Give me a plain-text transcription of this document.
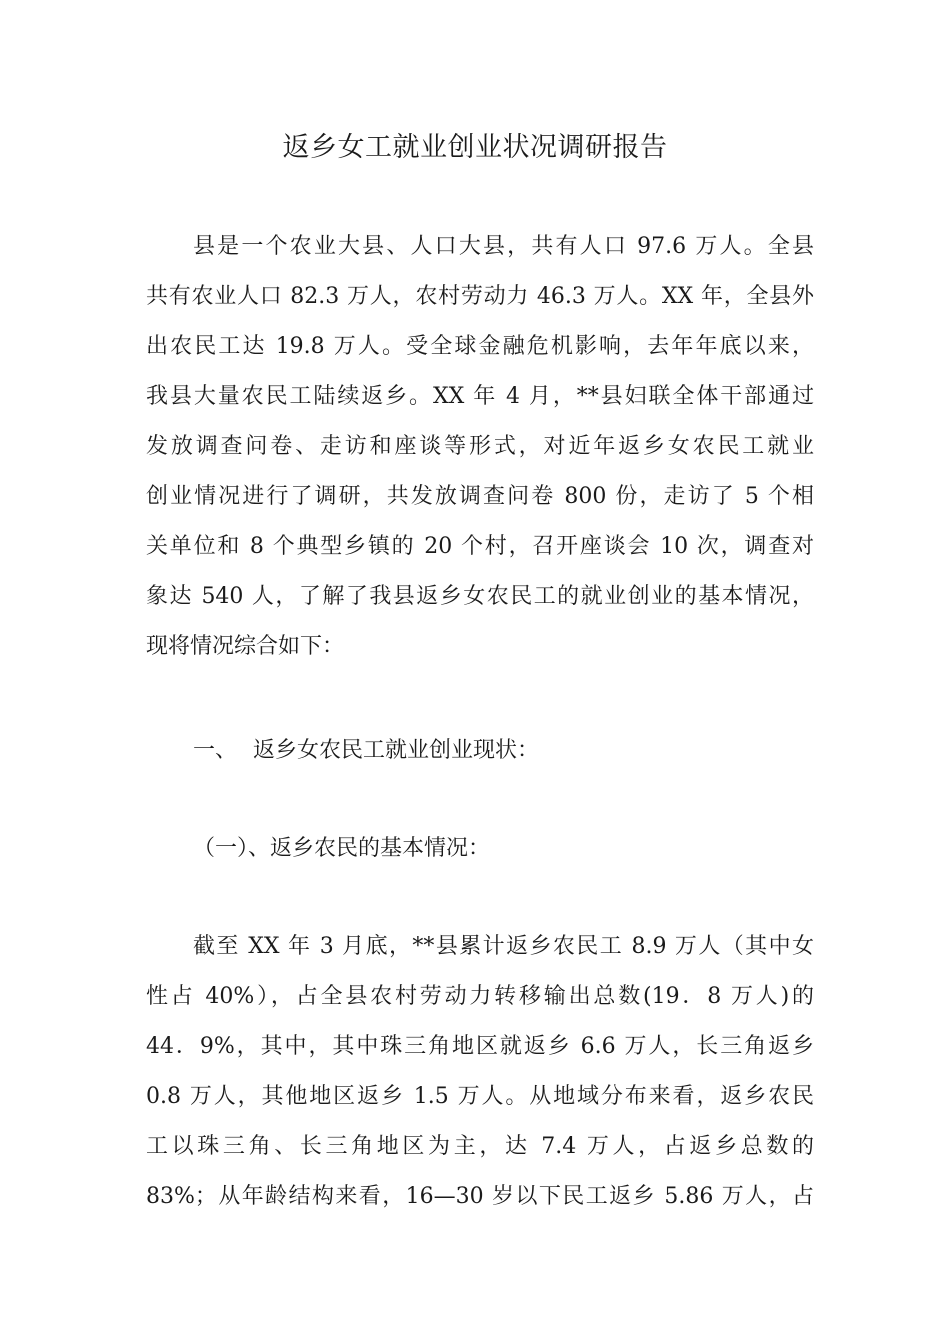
返乡女工就业创业状况调研报告
县是一个农业大县、人口大县，共有人口 97.6 万人。全县
共有农业人口 82.3 万人，农村劳动力 46.3 万人。XX 年，全县外
出农民工达 19.8 万人。受全球金融危机影响，去年年底以来，
我县大量农民工陆续返乡。XX 年 4 月，**县妇联全体干部通过
发放调查问卷、走访和座谈等形式，对近年返乡女农民工就业
创业情况进行了调研，共发放调查问卷 800 份，走访了 5 个相
关单位和 8 个典型乡镇的 20 个村，召开座谈会 10 次，调查对
象达 540 人，了解了我县返乡女农民工的就业创业的基本情况，
现将情况综合如下：
一、 返乡女农民工就业创业现状：
（一）、返乡农民的基本情况：
截至 XX 年 3 月底，**县累计返乡农民工 8.9 万人（其中女
性占 40%），占全县农村劳动力转移输出总数(19．8 万人)的
44．9%，其中，其中珠三角地区就返乡 6.6 万人，长三角返乡
0.8 万人，其他地区返乡 1.5 万人。从地域分布来看，返乡农民
工以珠三角、长三角地区为主，达 7.4 万人，占返乡总数的
83%；从年龄结构来看，16—30 岁以下民工返乡 5.86 万人，占
